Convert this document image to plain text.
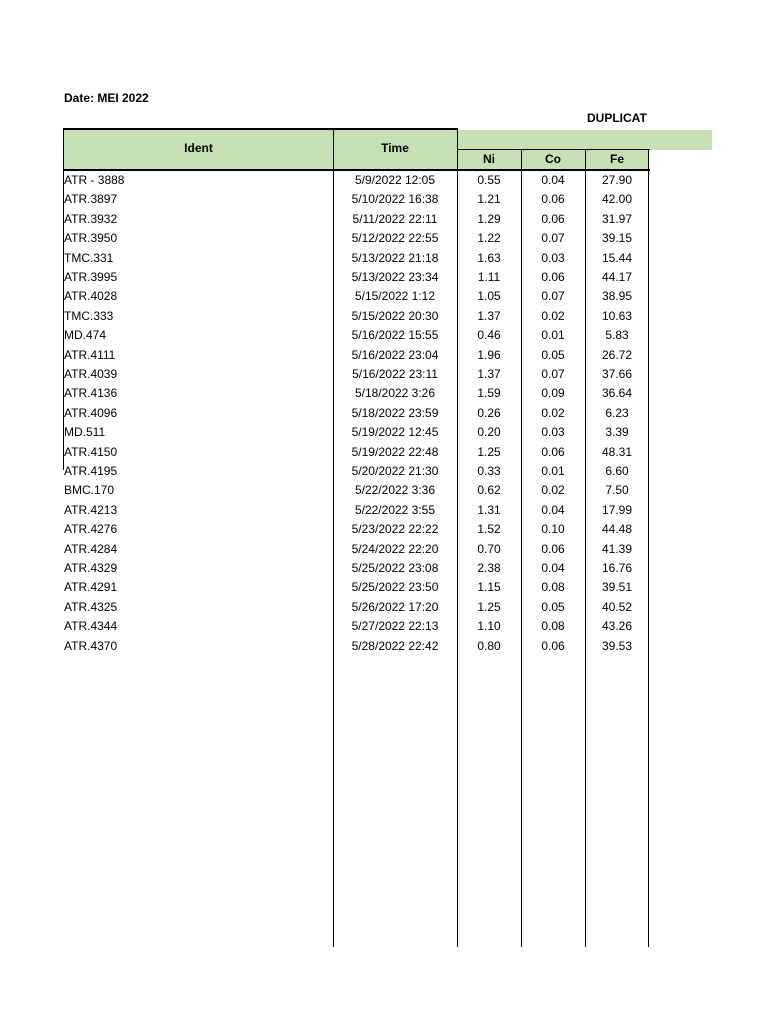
Date: MEI 2022
DUPLICAT
Ident	Time
Ni	Co	Fe
ATR - 3888	5/9/2022 12:05	0.55	0.04	27.90
ATR.3897	5/10/2022 16:38	1.21	0.06	42.00
ATR.3932	5/11/2022 22:11	1.29	0.06	31.97
ATR.3950	5/12/2022 22:55	1.22	0.07	39.15
TMC.331	5/13/2022 21:18	1.63	0.03	15.44
ATR.3995	5/13/2022 23:34	1.11	0.06	44.17
ATR.4028	5/15/2022 1:12	1.05	0.07	38.95
TMC.333	5/15/2022 20:30	1.37	0.02	10.63
MD.474	5/16/2022 15:55	0.46	0.01	5.83
ATR.4111	5/16/2022 23:04	1.96	0.05	26.72
ATR.4039	5/16/2022 23:11	1.37	0.07	37.66
ATR.4136	5/18/2022 3:26	1.59	0.09	36.64
ATR.4096	5/18/2022 23:59	0.26	0.02	6.23
MD.511	5/19/2022 12:45	0.20	0.03	3.39
ATR.4150	5/19/2022 22:48	1.25	0.06	48.31
ATR.4195	5/20/2022 21:30	0.33	0.01	6.60
BMC.170	5/22/2022 3:36	0.62	0.02	7.50
ATR.4213	5/22/2022 3:55	1.31	0.04	17.99
ATR.4276	5/23/2022 22:22	1.52	0.10	44.48
ATR.4284	5/24/2022 22:20	0.70	0.06	41.39
ATR.4329	5/25/2022 23:08	2.38	0.04	16.76
ATR.4291	5/25/2022 23:50	1.15	0.08	39.51
ATR.4325	5/26/2022 17:20	1.25	0.05	40.52
ATR.4344	5/27/2022 22:13	1.10	0.08	43.26
ATR.4370	5/28/2022 22:42	0.80	0.06	39.53
